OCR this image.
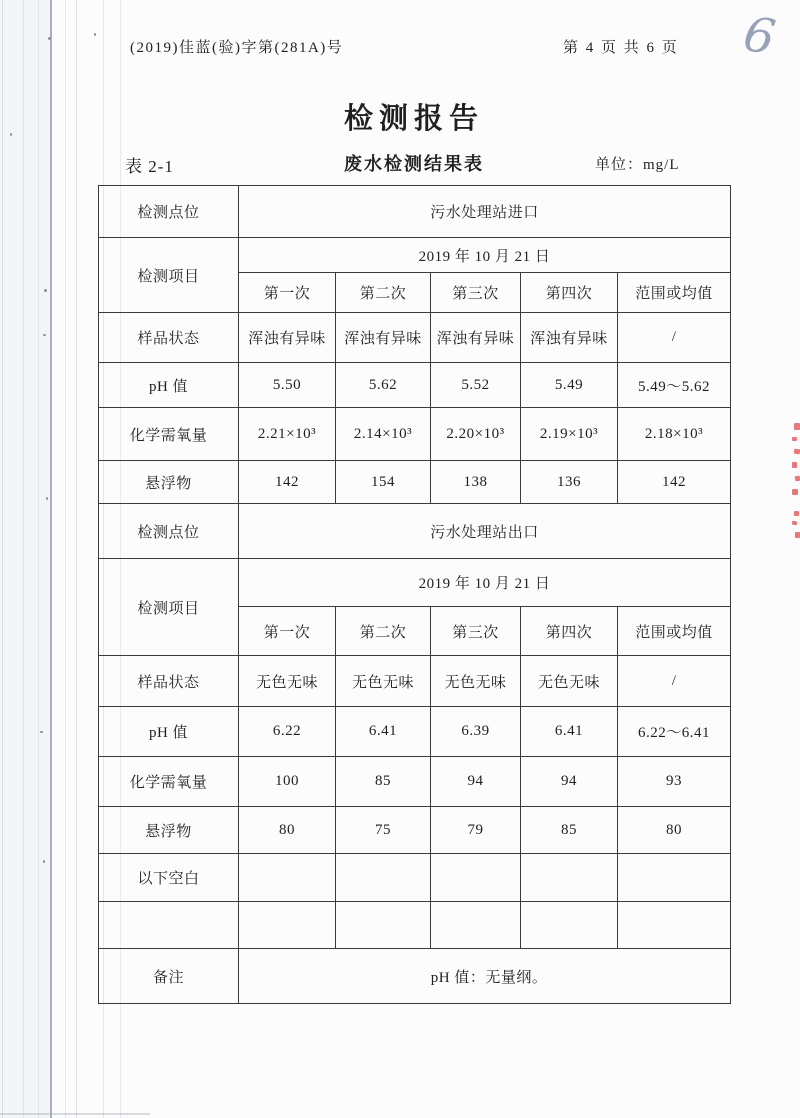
6
(2019)佳蓝(验)字第(281A)号	第 4 页 共 6 页
检测报告
废水检测结果表
表 2-1	单位：mg/L
检测点位	污水处理站进口				
检测项目	2019 年 10 月 21 日				
	第一次	第二次	第三次	第四次	范围或均值
样品状态	浑浊有异味	浑浊有异味	浑浊有异味	浑浊有异味	/
pH 值	5.50	5.62	5.52	5.49	5.49～5.62
化学需氧量	2.21×10³	2.14×10³	2.20×10³	2.19×10³	2.18×10³
悬浮物	142	154	138	136	142
检测点位	污水处理站出口				
检测项目	2019 年 10 月 21 日				
	第一次	第二次	第三次	第四次	范围或均值
样品状态	无色无味	无色无味	无色无味	无色无味	/
pH 值	6.22	6.41	6.39	6.41	6.22～6.41
化学需氧量	100	85	94	94	93
悬浮物	80	75	79	85	80
以下空白					

备注	pH 值：无量纲。				
